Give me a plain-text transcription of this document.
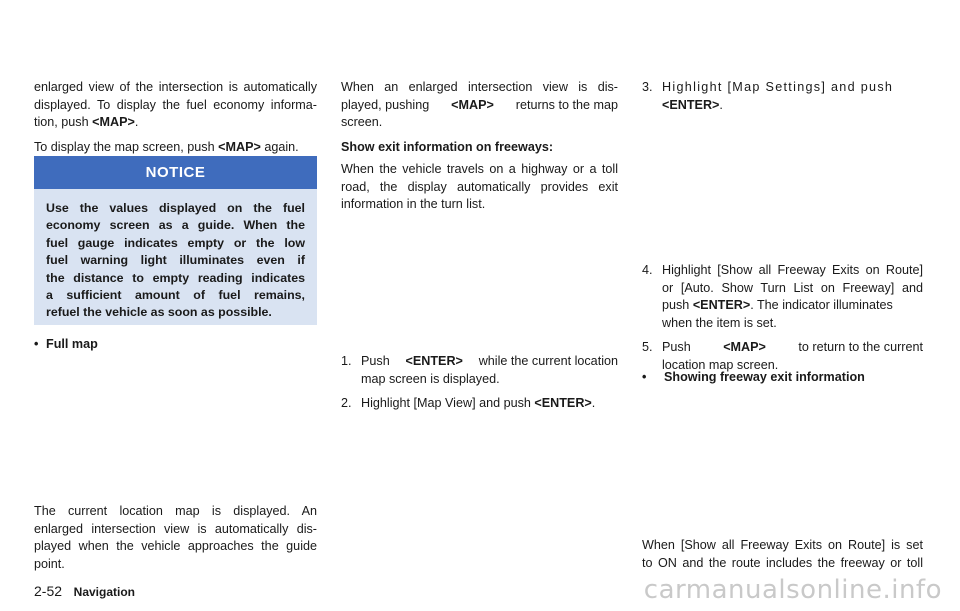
enlarged view of the intersection is automatically
displayed. To display the fuel economy informa-
tion, push <MAP>.
To display the map screen, push <MAP> again.
NOTICE
Use the values displayed on the fuel
economy screen as a guide. When the
fuel gauge indicates empty or the low
fuel warning light illuminates even if
the distance to empty reading indicates
a sufficient amount of fuel remains,
refuel the vehicle as soon as possible.
• Full map
The current location map is displayed. An
enlarged intersection view is automatically dis-
played when the vehicle approaches the guide
point.
When an enlarged intersection view is dis-
played, pushing <MAP> returns to the map
screen.
Show exit information on freeways:
When the vehicle travels on a highway or a toll
road, the display automatically provides exit
information in the turn list.
1. Push <ENTER> while the current location
map screen is displayed.
2. Highlight [Map View] and push <ENTER>.
3. Highlight [Map Settings] and push
<ENTER>.
4. Highlight [Show all Freeway Exits on Route]
or [Auto. Show Turn List on Freeway] and
push <ENTER>. The indicator illuminates
when the item is set.
5. Push	<MAP>	to return to the current
location map screen.
• Showing freeway exit information
When [Show all Freeway Exits on Route] is set
to ON and the route includes the freeway or toll
2-52 Navigation	carmanualsonline.info
